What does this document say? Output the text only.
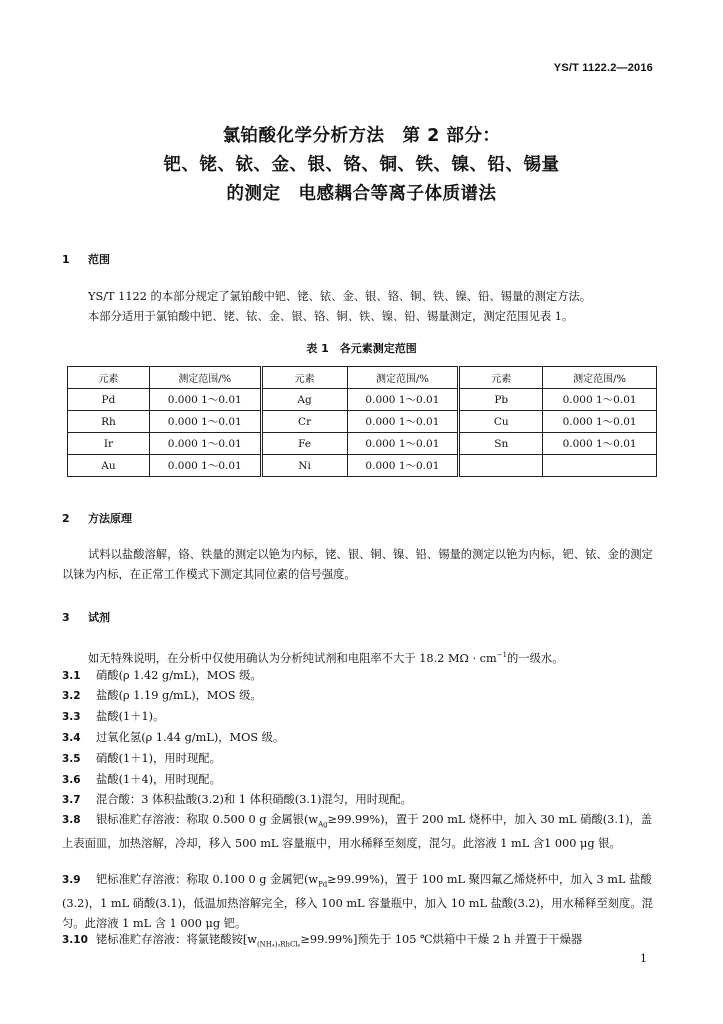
YS/T 1122.2—2016
氯铂酸化学分析方法　第 2 部分：
钯、铑、铱、金、银、铬、铜、铁、镍、铅、锡量
的测定　电感耦合等离子体质谱法
1 范围
YS/T 1122 的本部分规定了氯铂酸中钯、铑、铱、金、银、铬、铜、铁、镍、铅、锡量的测定方法。
本部分适用于氯铂酸中钯、铑、铱、金、银、铬、铜、铁、镍、铅、锡量测定，测定范围见表 1。
表 1　各元素测定范围
元素	测定范围/%	元素	测定范围/%	元素	测定范围/%
Pd	0.000 1～0.01	Ag	0.000 1～0.01	Pb	0.000 1～0.01
Rh	0.000 1～0.01	Cr	0.000 1～0.01	Cu	0.000 1～0.01
Ir	0.000 1～0.01	Fe	0.000 1～0.01	Sn	0.000 1～0.01
Au	0.000 1～0.01	Ni	0.000 1～0.01		
2 方法原理
试料以盐酸溶解，铬、铁量的测定以铯为内标，铑、银、铜、镍、铅、锡量的测定以铯为内标，钯、铱、金的测定以铼为内标，在正常工作模式下测定其同位素的信号强度。
3 试剂
如无特殊说明，在分析中仅使用确认为分析纯试剂和电阻率不大于 18.2 $M\Omega \cdot cm^{-1}$的一级水。
3.1 硝酸(ρ 1.42 g/mL)，MOS 级。
3.2 盐酸(ρ 1.19 g/mL)，MOS 级。
3.3 盐酸(1＋1)。
3.4 过氧化氢(ρ 1.44 g/mL)，MOS 级。
3.5 硝酸(1＋1)，用时现配。
3.6 盐酸(1＋4)，用时现配。
3.7 混合酸：3 体积盐酸(3.2)和 1 体积硝酸(3.1)混匀，用时现配。
3.8 银标准贮存溶液：称取 0.500 0 g 金属银$(w_{Ag}\ge 99.99\%)$，置于 200 mL 烧杯中，加入 30 mL 硝酸(3.1)，盖上表面皿，加热溶解，冷却，移入 500 mL 容量瓶中，用水稀释至刻度，混匀。此溶液 1 mL 含1 000 μg 银。
3.9 钯标准贮存溶液：称取 0.100 0 g 金属钯$(w_{Pd}\ge 99.99\%)$，置于 100 mL 聚四氟乙烯烧杯中，加入 3 mL 盐酸(3.2)，1 mL 硝酸(3.1)，低温加热溶解完全，移入 100 mL 容量瓶中，加入 10 mL 盐酸(3.2)，用水稀释至刻度。混匀。此溶液 1 mL 含 1 000 μg 钯。
3.10 铑标准贮存溶液：将氯铑酸铵$[w_{(NH_4)_3RhCl_6}\ge 99.99\%]$预先于 105 ℃烘箱中干燥 2 h 并置于干燥器
1
